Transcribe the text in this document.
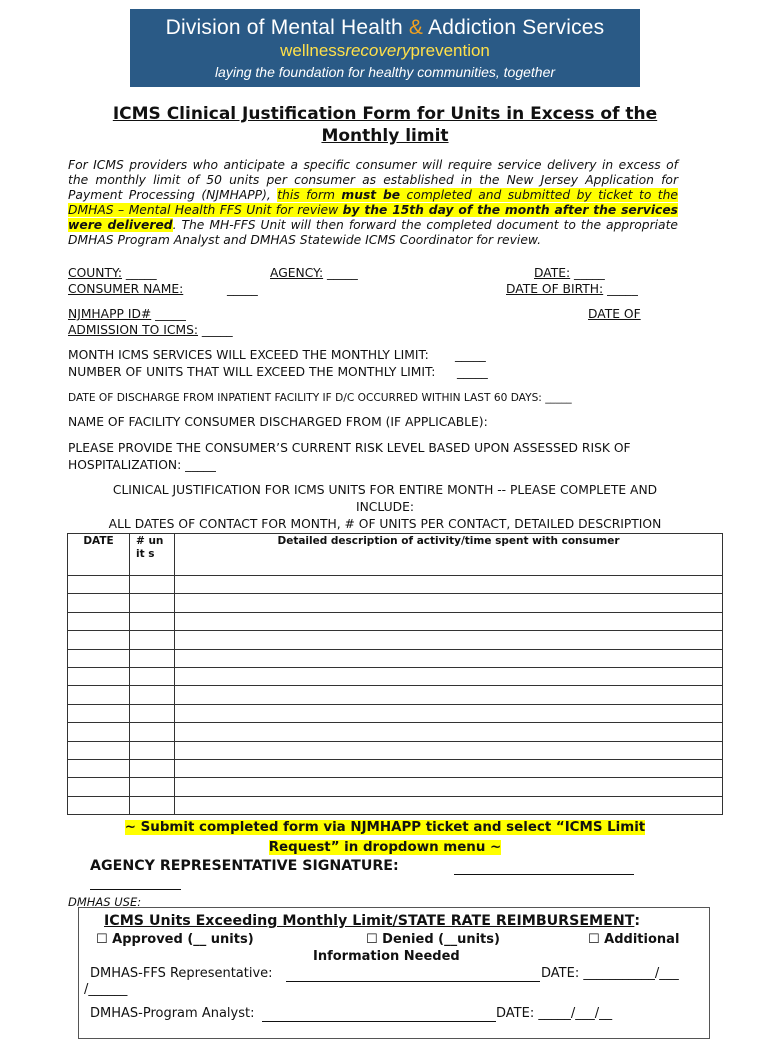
Division of Mental Health & Addiction Services
wellnessrecoveryprevention
laying the foundation for healthy communities, together
ICMS Clinical Justification Form for Units in Excess of the
Monthly limit
For ICMS providers who anticipate a specific consumer will require service delivery in excess of the monthly limit of 50 units per consumer as established in the New Jersey Application for Payment Processing (NJMHAPP), this form must be completed and submitted by ticket to the DMHAS – Mental Health FFS Unit for review by the 15th day of the month after the services were delivered. The MH-FFS Unit will then forward the completed document to the appropriate DMHAS Program Analyst and DMHAS Statewide ICMS Coordinator for review.
COUNTY: _____	AGENCY: _____	DATE: _____
CONSUMER NAME:	_____	DATE OF BIRTH: _____
NJMHAPP ID# _____	DATE OF
ADMISSION TO ICMS: _____
MONTH ICMS SERVICES WILL EXCEED THE MONTHLY LIMIT: _____
NUMBER OF UNITS THAT WILL EXCEED THE MONTHLY LIMIT: _____
DATE OF DISCHARGE FROM INPATIENT FACILITY IF D/C OCCURRED WITHIN LAST 60 DAYS: _____
NAME OF FACILITY CONSUMER DISCHARGED FROM (IF APPLICABLE):
PLEASE PROVIDE THE CONSUMER’S CURRENT RISK LEVEL BASED UPON ASSESSED RISK OF
HOSPITALIZATION: _____
CLINICAL JUSTIFICATION FOR ICMS UNITS FOR ENTIRE MONTH -- PLEASE COMPLETE AND
INCLUDE:
ALL DATES OF CONTACT FOR MONTH, # OF UNITS PER CONTACT, DETAILED DESCRIPTION
DATE	# unit s	Detailed description of activity/time spent with consumer

~ Submit completed form via NJMHAPP ticket and select “ICMS Limit
Request” in dropdown menu ~
AGENCY REPRESENTATIVE SIGNATURE:
DMHAS USE:
ICMS Units Exceeding Monthly Limit/STATE RATE REIMBURSEMENT:
☐ Approved (__ units)	☐ Denied (__units)	☐ Additional
Information Needed
DMHAS-FFS Representative:	DATE: ___________/___
/______
DMHAS-Program Analyst:	DATE: _____/___/__
